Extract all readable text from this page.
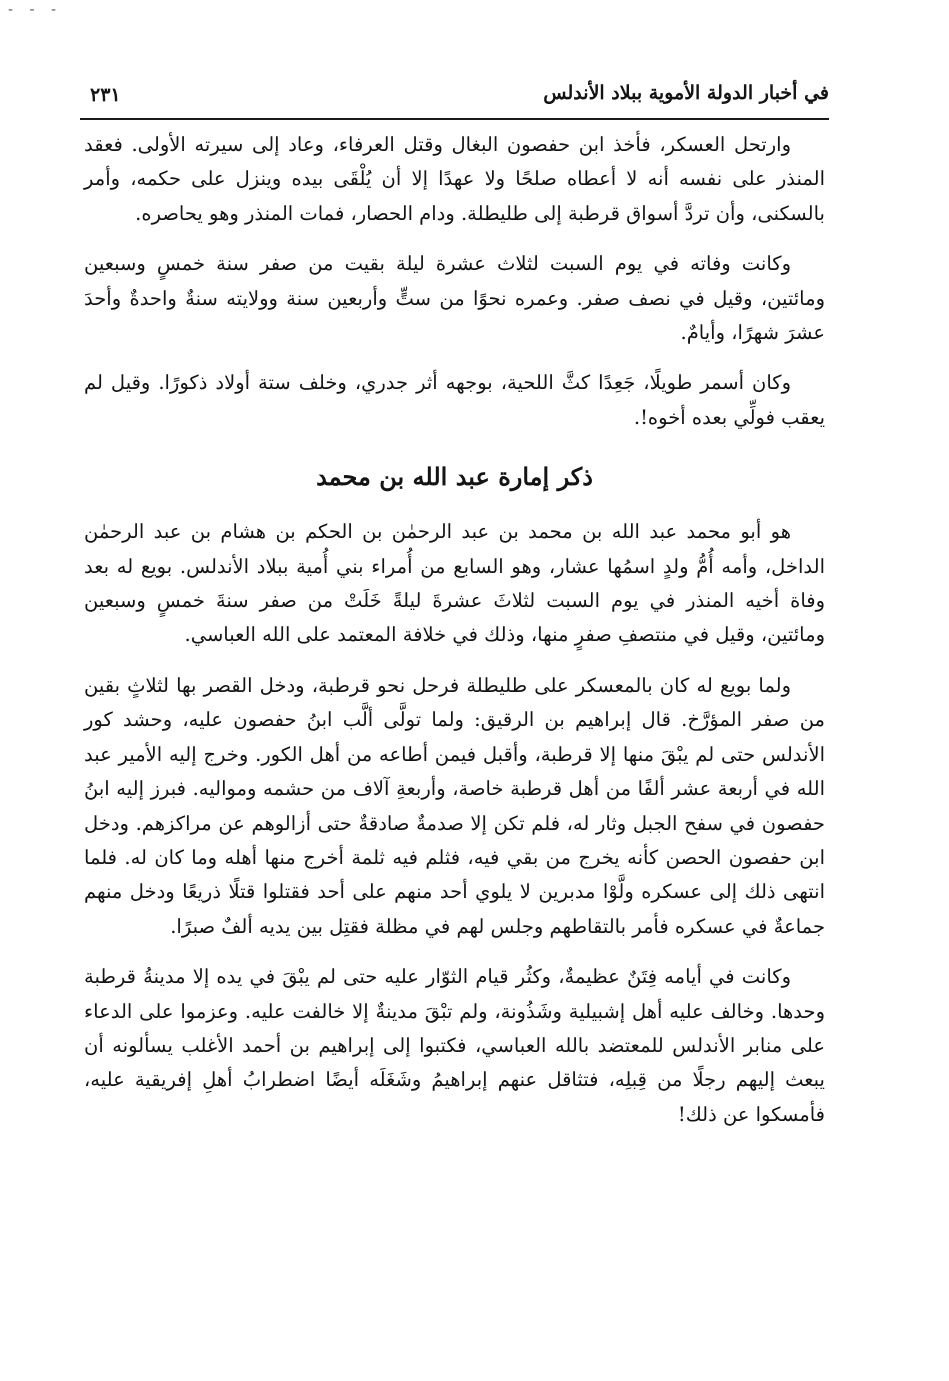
- - -
في أخبار الدولة الأموية ببلاد الأندلس
٢٣١

وارتحل العسكر، فأخذ ابن حفصون البغال وقتل العرفاء، وعاد إلى سيرته الأولى. فعقد المنذر على نفسه أنه لا أعطاه صلحًا ولا عهدًا إلا أن يُلْقَى بيده وينزل على حكمه، وأمر بالسكنى، وأن تردَّ أسواق قرطبة إلى طليطلة. ودام الحصار، فمات المنذر وهو يحاصره.

وكانت وفاته في يوم السبت لثلاث عشرة ليلة بقيت من صفر سنة خمسٍ وسبعين ومائتين، وقيل في نصف صفر. وعمره نحوًا من ستٍّ وأربعين سنة وولايته سنةٌ واحدةٌ وأحدَ عشرَ شهرًا، وأيامٌ.

وكان أسمر طويلًا، جَعِدًا كثَّ اللحية، بوجهه أثر جدري، وخلف ستة أولاد ذكورًا. وقيل لم يعقب فولِّي بعده أخوه!.

ذكر إمارة عبد الله بن محمد

هو أبو محمد عبد الله بن محمد بن عبد الرحمٰن بن الحكم بن هشام بن عبد الرحمٰن الداخل، وأمه أُمُّ ولدٍ اسمُها عشار، وهو السابع من أُمراء بني أُمية ببلاد الأندلس. بويع له بعد وفاة أخيه المنذر في يوم السبت لثلاثَ عشرةَ ليلةً خَلَتْ من صفر سنةَ خمسٍ وسبعين ومائتين، وقيل في منتصفِ صفرٍ منها، وذلك في خلافة المعتمد على الله العباسي.

ولما بويع له كان بالمعسكر على طليطلة فرحل نحو قرطبة، ودخل القصر بها لثلاثٍ بقين من صفر المؤرَّخ. قال إبراهيم بن الرقيق: ولما تولَّى ألَّب ابنُ حفصون عليه، وحشد كور الأندلس حتى لم يبْقَ منها إلا قرطبة، وأقبل فيمن أطاعه من أهل الكور. وخرج إليه الأمير عبد الله في أربعة عشر ألفًا من أهل قرطبة خاصة، وأربعةِ آلاف من حشمه ومواليه. فبرز إليه ابنُ حفصون في سفح الجبل وثار له، فلم تكن إلا صدمةٌ صادقةٌ حتى أزالوهم عن مراكزهم. ودخل ابن حفصون الحصن كأنه يخرج من بقي فيه، فثلم فيه ثلمة أخرج منها أهله وما كان له. فلما انتهى ذلك إلى عسكره ولَّوْا مدبرين لا يلوي أحد منهم على أحد فقتلوا قتلًا ذريعًا ودخل منهم جماعةٌ في عسكره فأمر بالتقاطهم وجلس لهم في مظلة فقتِل بين يديه ألفٌ صبرًا.

وكانت في أيامه فِتَنٌ عظيمةٌ، وكثُر قيام الثوّار عليه حتى لم يبْقَ في يده إلا مدينةُ قرطبة وحدها. وخالف عليه أهل إشبيلية وشَذُونة، ولم تبْقَ مدينةٌ إلا خالفت عليه. وعزموا على الدعاء على منابر الأندلس للمعتضد بالله العباسي، فكتبوا إلى إبراهيم بن أحمد الأغلب يسألونه أن يبعث إليهم رجلًا من قِبلِه، فتثاقل عنهم إبراهيمُ وشَغَلَه أيضًا اضطرابُ أهلِ إفريقية عليه، فأمسكوا عن ذلك!
